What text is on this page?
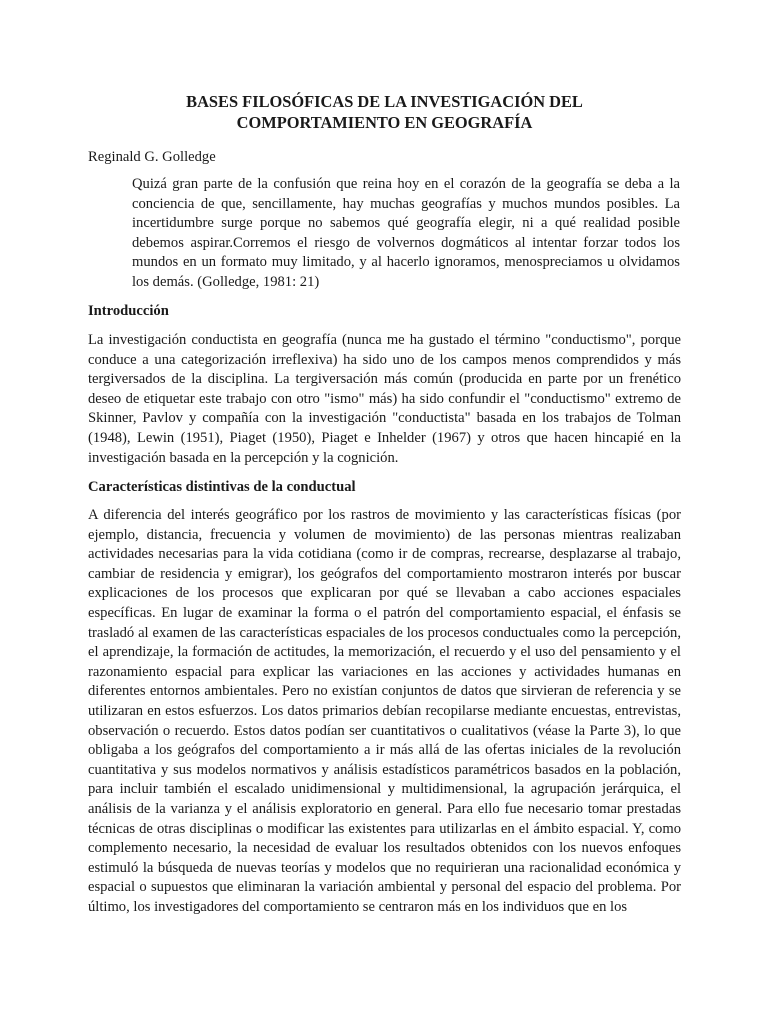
BASES FILOSÓFICAS DE LA INVESTIGACIÓN DEL
COMPORTAMIENTO EN GEOGRAFÍA

Reginald G. Golledge

Quizá gran parte de la confusión que reina hoy en el corazón de la geografía se deba a la conciencia de que, sencillamente, hay muchas geografías y muchos mundos posibles. La incertidumbre surge porque no sabemos qué geografía elegir, ni a qué realidad posible debemos aspirar.Corremos el riesgo de volvernos dogmáticos al intentar forzar todos los mundos en un formato muy limitado, y al hacerlo ignoramos, menospreciamos u olvidamos los demás. (Golledge, 1981: 21)

Introducción

La investigación conductista en geografía (nunca me ha gustado el término "conductismo", porque conduce a una categorización irreflexiva) ha sido uno de los campos menos comprendidos y más tergiversados de la disciplina. La tergiversación más común (producida en parte por un frenético deseo de etiquetar este trabajo con otro "ismo" más) ha sido confundir el "conductismo" extremo de Skinner, Pavlov y compañía con la investigación "conductista" basada en los trabajos de Tolman (1948), Lewin (1951), Piaget (1950), Piaget e Inhelder (1967) y otros que hacen hincapié en la investigación basada en la percepción y la cognición.

Características distintivas de la conductual

A diferencia del interés geográfico por los rastros de movimiento y las características físicas (por ejemplo, distancia, frecuencia y volumen de movimiento) de las personas mientras realizaban actividades necesarias para la vida cotidiana (como ir de compras, recrearse, desplazarse al trabajo, cambiar de residencia y emigrar), los geógrafos del comportamiento mostraron interés por buscar explicaciones de los procesos que explicaran por qué se llevaban a cabo acciones espaciales específicas. En lugar de examinar la forma o el patrón del comportamiento espacial, el énfasis se trasladó al examen de las características espaciales de los procesos conductuales como la percepción, el aprendizaje, la formación de actitudes, la memorización, el recuerdo y el uso del pensamiento y el razonamiento espacial para explicar las variaciones en las acciones y actividades humanas en diferentes entornos ambientales. Pero no existían conjuntos de datos que sirvieran de referencia y se utilizaran en estos esfuerzos. Los datos primarios debían recopilarse mediante encuestas, entrevistas, observación o recuerdo. Estos datos podían ser cuantitativos o cualitativos (véase la Parte 3), lo que obligaba a los geógrafos del comportamiento a ir más allá de las ofertas iniciales de la revolución cuantitativa y sus modelos normativos y análisis estadísticos paramétricos basados en la población, para incluir también el escalado unidimensional y multidimensional, la agrupación jerárquica, el análisis de la varianza y el análisis exploratorio en general. Para ello fue necesario tomar prestadas técnicas de otras disciplinas o modificar las existentes para utilizarlas en el ámbito espacial. Y, como complemento necesario, la necesidad de evaluar los resultados obtenidos con los nuevos enfoques estimuló la búsqueda de nuevas teorías y modelos que no requirieran una racionalidad económica y espacial o supuestos que eliminaran la variación ambiental y personal del espacio del problema. Por último, los investigadores del comportamiento se centraron más en los individuos que en los
